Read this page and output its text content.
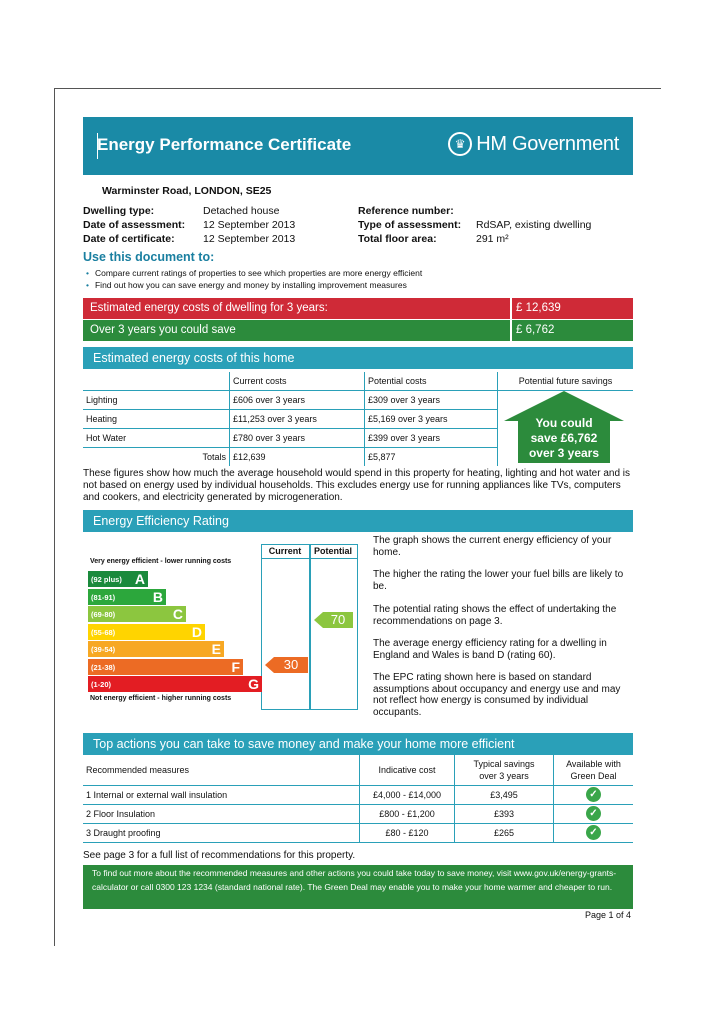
Energy Performance Certificate	♛ HM Government
Warminster Road, LONDON, SE25
Dwelling type:	Detached house
Date of assessment: 12 September 2013
Date of certificate:	12 September 2013
Reference number:
Type of assessment: RdSAP, existing dwelling
Total floor area:	291 m²
Use this document to:
• Compare current ratings of properties to see which properties are more energy efficient
• Find out how you can save energy and money by installing improvement measures
Estimated energy costs of dwelling for 3 years:	£ 12,639
Over 3 years you could save	£ 6,762
Estimated energy costs of this home
	Current costs	Potential costs	Potential future savings
Lighting	£606 over 3 years	£309 over 3 years	
Heating	£11,253 over 3 years	£5,169 over 3 years	
Hot Water	£780 over 3 years	£399 over 3 years	
Totals	£12,639	£5,877	
You could
save £6,762
over 3 years
These figures show how much the average household would spend in this property for heating, lighting and hot water and is not based on energy used by individual households. This excludes energy use for running appliances like TVs, computers and cookers, and electricity generated by microgeneration.
Energy Efficiency Rating
Very energy efficient - lower running costs
Current	Potential
(92 plus) A
(81-91)	B
(69-80)	C
(55-68)	D
(39-54)	E
(21-38)	F
(1-20)	G
Not energy efficient - higher running costs
30
70
The graph shows the current energy efficiency of your home.
The higher the rating the lower your fuel bills are likely to be.
The potential rating shows the effect of undertaking the recommendations on page 3.
The average energy efficiency rating for a dwelling in England and Wales is band D (rating 60).
The EPC rating shown here is based on standard assumptions about occupancy and energy use and may not reflect how energy is consumed by individual occupants.
Top actions you can take to save money and make your home more efficient
Recommended measures	Indicative cost	Typical savings
over 3 years	Available with
Green Deal
1 Internal or external wall insulation	£4,000 - £14,000	£3,495	✓
2 Floor Insulation	£800 - £1,200	£393	✓
3 Draught proofing	£80 - £120	£265	✓
See page 3 for a full list of recommendations for this property.
To find out more about the recommended measures and other actions you could take today to save money, visit www.gov.uk/energy-grants-calculator or call 0300 123 1234 (standard national rate). The Green Deal may enable you to make your home warmer and cheaper to run.
Page 1 of 4
